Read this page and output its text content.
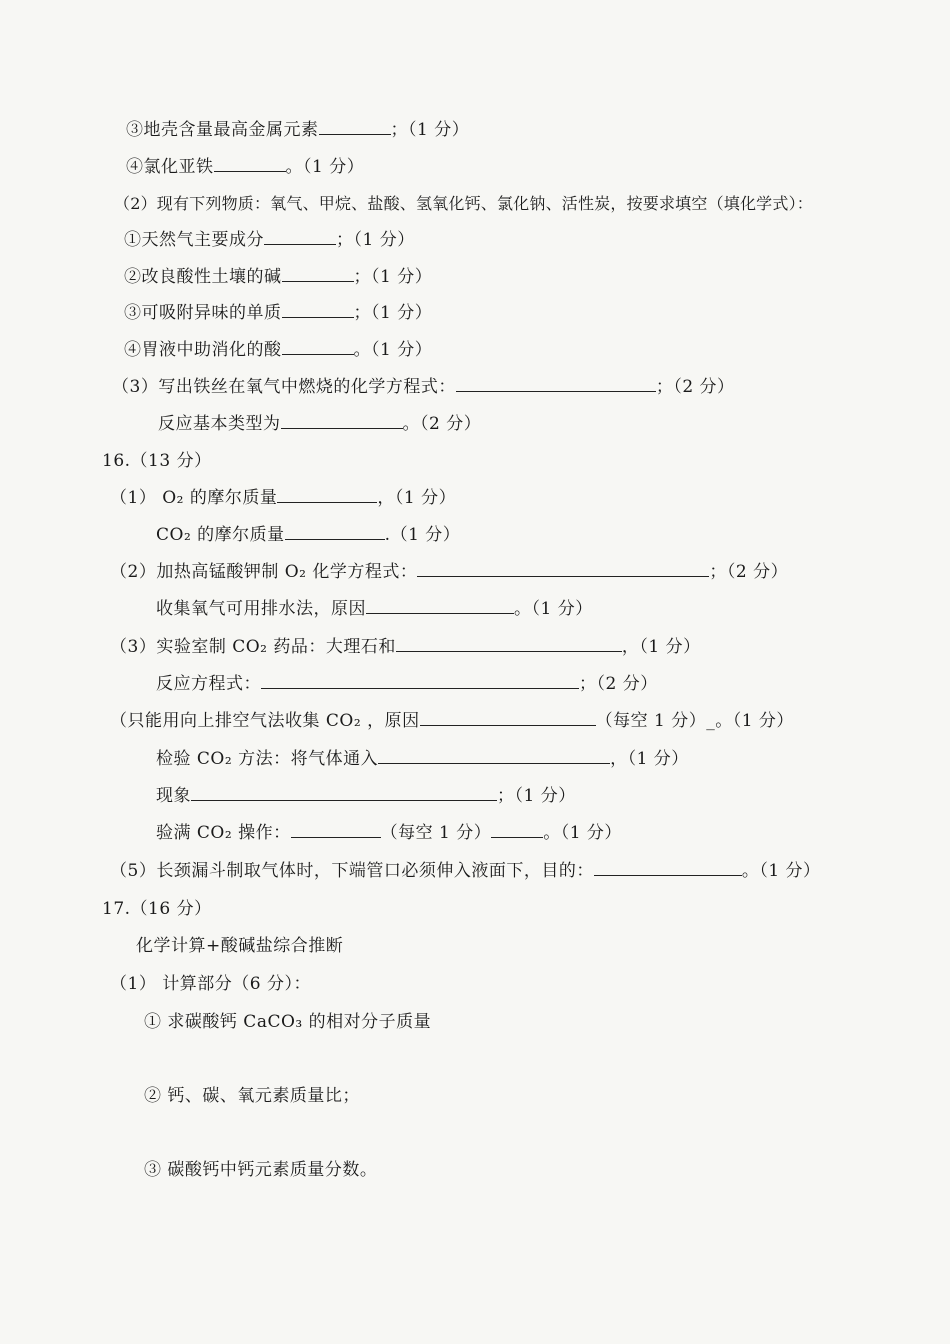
③地壳含量最高金属元素	；（1 分）
④氯化亚铁	。（1 分）
（2）现有下列物质：氧气、甲烷、盐酸、氢氧化钙、氯化钠、活性炭，按要求填空（填化学式）：
①天然气主要成分	；（1 分）
②改良酸性土壤的碱	；（1 分）
③可吸附异味的单质	；（1 分）
④胃液中助消化的酸	。（1 分）
（3）写出铁丝在氧气中燃烧的化学方程式：	；（2 分）
反应基本类型为	。（2 分）
16.（13 分）
（1） O₂ 的摩尔质量	，（1 分）
CO₂ 的摩尔质量	.（1 分）
（2）加热高锰酸钾制 O₂ 化学方程式：	；（2 分）
收集氧气可用排水法，原因	。（1 分）
（3）实验室制 CO₂ 药品：大理石和	，（1 分）
反应方程式：	；（2 分）
（只能用向上排空气法收集 CO₂ ，原因	（每空 1 分）_。（1 分）
检验 CO₂ 方法：将气体通入	，（1 分）
现象	；（1 分）
验满 CO₂ 操作：	（每空 1 分）	。（1 分）
（5）长颈漏斗制取气体时，下端管口必须伸入液面下，目的：	。（1 分）
17.（16 分）
化学计算+酸碱盐综合推断
（1） 计算部分（6 分）：
① 求碳酸钙 CaCO₃ 的相对分子质量
② 钙、碳、氧元素质量比；
③ 碳酸钙中钙元素质量分数。
